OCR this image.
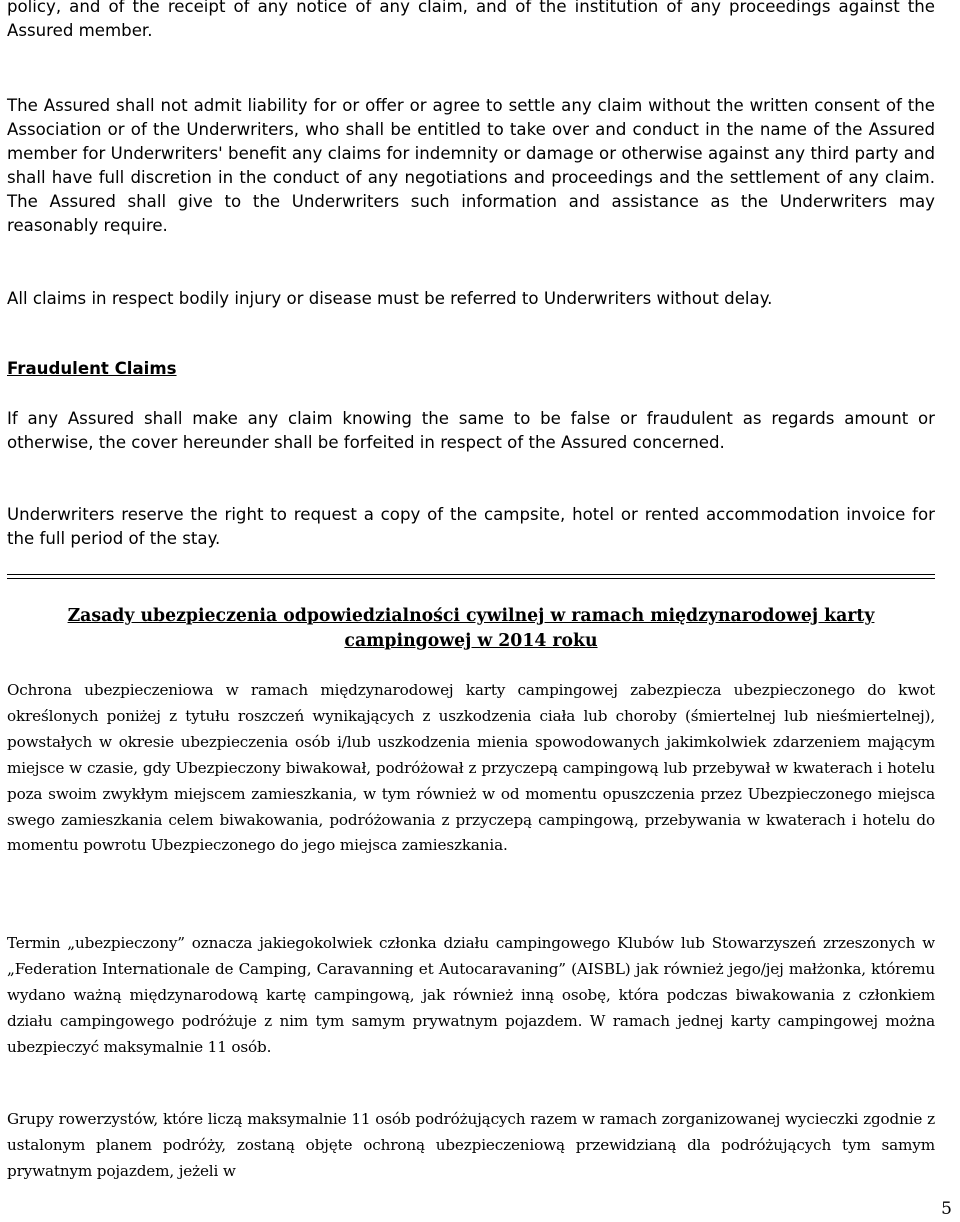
policy, and of the receipt of any notice of any claim, and of the institution of any proceedings against the Assured member.

The Assured shall not admit liability for or offer or agree to settle any claim without the written consent of the Association or of the Underwriters, who shall be entitled to take over and conduct in the name of the Assured member for Underwriters' benefit any claims for indemnity or damage or otherwise against any third party and shall have full discretion in the conduct of any negotiations and proceedings and the settlement of any claim. The Assured shall give to the Underwriters such information and assistance as the Underwriters may reasonably require.

All claims in respect bodily injury or disease must be referred to Underwriters without delay.

Fraudulent Claims

If any Assured shall make any claim knowing the same to be false or fraudulent as regards amount or otherwise, the cover hereunder shall be forfeited in respect of the Assured concerned.

Underwriters reserve the right to request a copy of the campsite, hotel or rented accommodation invoice for the full period of the stay.

Zasady ubezpieczenia odpowiedzialności cywilnej w ramach międzynarodowej karty campingowej w 2014 roku

Ochrona ubezpieczeniowa w ramach międzynarodowej karty campingowej zabezpiecza ubezpieczonego do kwot określonych poniżej z tytułu roszczeń wynikających z uszkodzenia ciała lub choroby (śmiertelnej lub nieśmiertelnej), powstałych w okresie ubezpieczenia osób i/lub uszkodzenia mienia spowodowanych jakimkolwiek zdarzeniem mającym miejsce w czasie, gdy Ubezpieczony biwakował, podróżował z przyczepą campingową lub przebywał w kwaterach i hotelu poza swoim zwykłym miejscem zamieszkania, w tym również w od momentu opuszczenia przez Ubezpieczonego miejsca swego zamieszkania celem biwakowania, podróżowania z przyczepą campingową, przebywania w kwaterach i hotelu do momentu powrotu Ubezpieczonego do jego miejsca zamieszkania.

Termin „ubezpieczony” oznacza jakiegokolwiek członka działu campingowego Klubów lub Stowarzyszeń zrzeszonych w „Federation Internationale de Camping, Caravanning et Autocaravaning” (AISBL) jak również jego/jej małżonka, któremu wydano ważną międzynarodową kartę campingową, jak również inną osobę, która podczas biwakowania z członkiem działu campingowego podróżuje z nim tym samym prywatnym pojazdem. W ramach jednej karty campingowej można ubezpieczyć maksymalnie 11 osób.

Grupy rowerzystów, które liczą maksymalnie 11 osób podróżujących razem w ramach zorganizowanej wycieczki zgodnie z ustalonym planem podróży, zostaną objęte ochroną ubezpieczeniową przewidzianą dla podróżujących tym samym prywatnym pojazdem, jeżeli w

5
